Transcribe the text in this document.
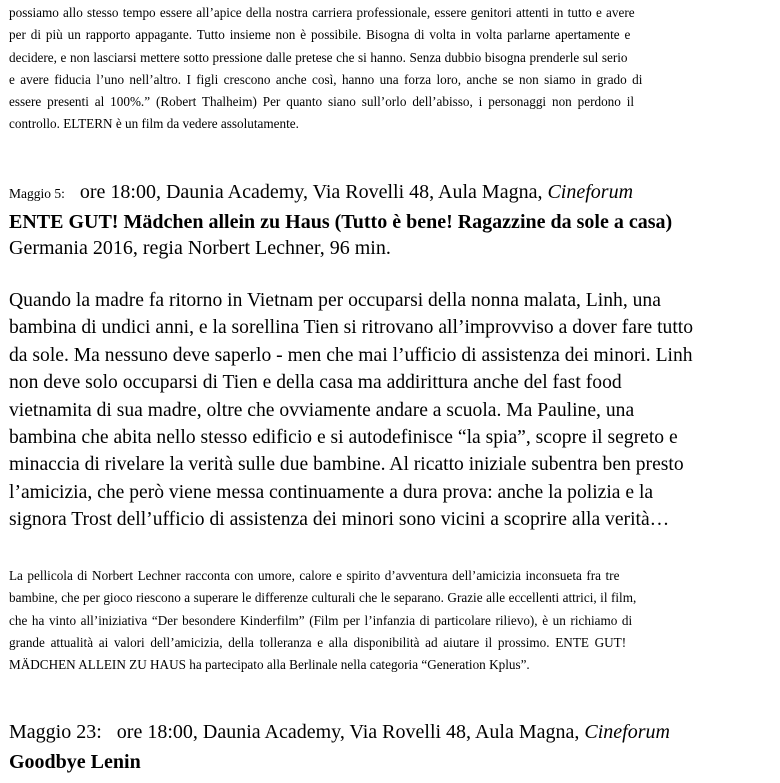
possiamo allo stesso tempo essere all’apice della nostra carriera professionale, essere genitori attenti in tutto e avere
per di più un rapporto appagante. Tutto insieme non è possibile. Bisogna di volta in volta parlarne apertamente e
decidere, e non lasciarsi mettere sotto pressione dalle pretese che si hanno. Senza dubbio bisogna prenderle sul serio
e avere fiducia l’uno nell’altro. I figli crescono anche così, hanno una forza loro, anche se non siamo in grado di
essere presenti al 100%.” (Robert Thalheim) Per quanto siano sull’orlo dell’abisso, i personaggi non perdono il
controllo. ELTERN è un film da vedere assolutamente.
Maggio 5: ore 18:00, Daunia Academy, Via Rovelli 48, Aula Magna, Cineforum
ENTE GUT! Mädchen allein zu Haus (Tutto è bene! Ragazzine da sole a casa)
Germania 2016, regia Norbert Lechner, 96 min.
Quando la madre fa ritorno in Vietnam per occuparsi della nonna malata, Linh, una
bambina di undici anni, e la sorellina Tien si ritrovano all’improvviso a dover fare tutto
da sole. Ma nessuno deve saperlo - men che mai l’ufficio di assistenza dei minori. Linh
non deve solo occuparsi di Tien e della casa ma addirittura anche del fast food
vietnamita di sua madre, oltre che ovviamente andare a scuola. Ma Pauline, una
bambina che abita nello stesso edificio e si autodefinisce “la spia”, scopre il segreto e
minaccia di rivelare la verità sulle due bambine. Al ricatto iniziale subentra ben presto
l’amicizia, che però viene messa continuamente a dura prova: anche la polizia e la
signora Trost dell’ufficio di assistenza dei minori sono vicini a scoprire alla verità…
La pellicola di Norbert Lechner racconta con umore, calore e spirito d’avventura dell’amicizia inconsueta fra tre
bambine, che per gioco riescono a superare le differenze culturali che le separano. Grazie alle eccellenti attrici, il film,
che ha vinto all’iniziativa “Der besondere Kinderfilm” (Film per l’infanzia di particolare rilievo), è un richiamo di
grande attualità ai valori dell’amicizia, della tolleranza e alla disponibilità ad aiutare il prossimo. ENTE GUT!
MÄDCHEN ALLEIN ZU HAUS ha partecipato alla Berlinale nella categoria “Generation Kplus”.
Maggio 23: ore 18:00, Daunia Academy, Via Rovelli 48, Aula Magna, Cineforum
Goodbye Lenin
